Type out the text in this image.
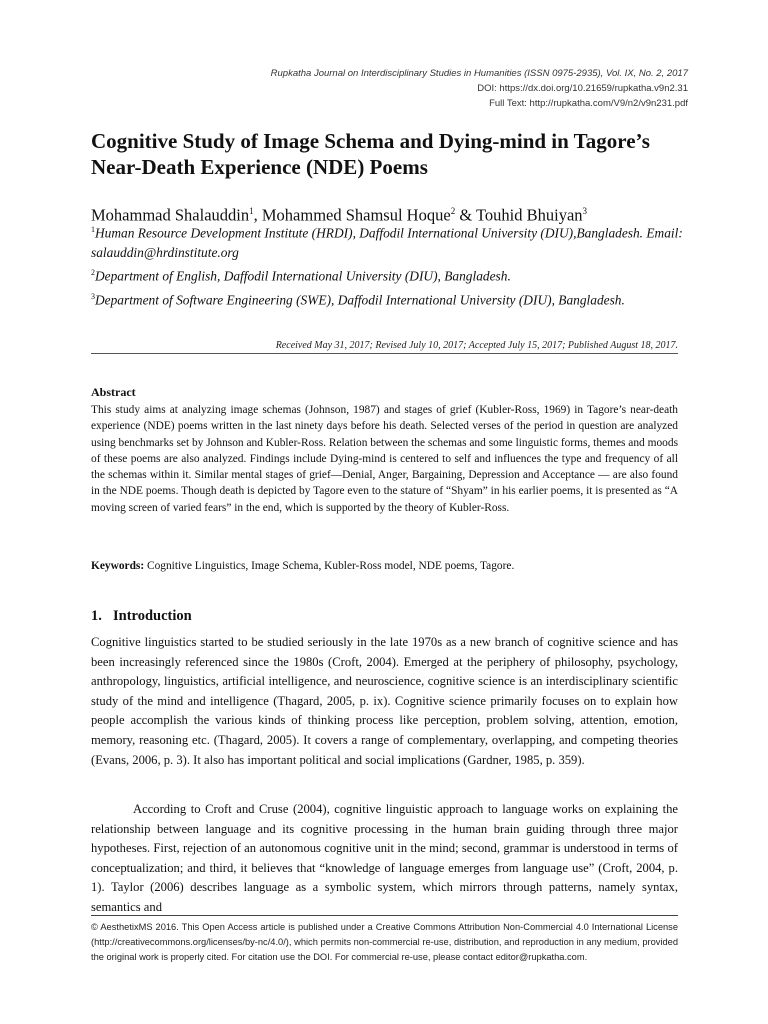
Rupkatha Journal on Interdisciplinary Studies in Humanities (ISSN 0975-2935), Vol. IX, No. 2, 2017
DOI: https://dx.doi.org/10.21659/rupkatha.v9n2.31
Full Text: http://rupkatha.com/V9/n2/v9n231.pdf
Cognitive Study of Image Schema and Dying-mind in Tagore’s Near-Death Experience (NDE) Poems
Mohammad Shalauddin$^1$, Mohammed Shamsul Hoque$^2$ & Touhid Bhuiyan$^3$

$^1$Human Resource Development Institute (HRDI), Daffodil International University (DIU),Bangladesh. Email: salauddin@hrdinstitute.org

$^2$Department of English, Daffodil International University (DIU), Bangladesh.

$^3$Department of Software Engineering (SWE), Daffodil International University (DIU), Bangladesh.

Received May 31, 2017; Revised July 10, 2017; Accepted July 15, 2017; Published August 18, 2017.
Abstract
This study aims at analyzing image schemas (Johnson, 1987) and stages of grief (Kubler-Ross, 1969) in Tagore’s near-death experience (NDE) poems written in the last ninety days before his death. Selected verses of the period in question are analyzed using benchmarks set by Johnson and Kubler-Ross. Relation between the schemas and some linguistic forms, themes and moods of these poems are also analyzed. Findings include Dying-mind is centered to self and influences the type and frequency of all the schemas within it. Similar mental stages of grief—Denial, Anger, Bargaining, Depression and Acceptance — are also found in the NDE poems. Though death is depicted by Tagore even to the stature of “Shyam” in his earlier poems, it is presented as “A moving screen of varied fears” in the end, which is supported by the theory of Kubler-Ross.
Keywords: Cognitive Linguistics, Image Schema, Kubler-Ross model, NDE poems, Tagore.
1. Introduction
Cognitive linguistics started to be studied seriously in the late 1970s as a new branch of cognitive science and has been increasingly referenced since the 1980s (Croft, 2004). Emerged at the periphery of philosophy, psychology, anthropology, linguistics, artificial intelligence, and neuroscience, cognitive science is an interdisciplinary scientific study of the mind and intelligence (Thagard, 2005, p. ix). Cognitive science primarily focuses on to explain how people accomplish the various kinds of thinking process like perception, problem solving, attention, emotion, memory, reasoning etc. (Thagard, 2005). It covers a range of complementary, overlapping, and competing theories (Evans, 2006, p. 3). It also has important political and social implications (Gardner, 1985, p. 359).
According to Croft and Cruse (2004), cognitive linguistic approach to language works on explaining the relationship between language and its cognitive processing in the human brain guiding through three major hypotheses. First, rejection of an autonomous cognitive unit in the mind; second, grammar is understood in terms of conceptualization; and third, it believes that “knowledge of language emerges from language use” (Croft, 2004, p. 1). Taylor (2006) describes language as a symbolic system, which mirrors through patterns, namely syntax, semantics and
© AesthetixMS 2016. This Open Access article is published under a Creative Commons Attribution Non-Commercial 4.0 International License (http://creativecommons.org/licenses/by-nc/4.0/), which permits non-commercial re-use, distribution, and reproduction in any medium, provided the original work is properly cited. For citation use the DOI. For commercial re-use, please contact editor@rupkatha.com.
